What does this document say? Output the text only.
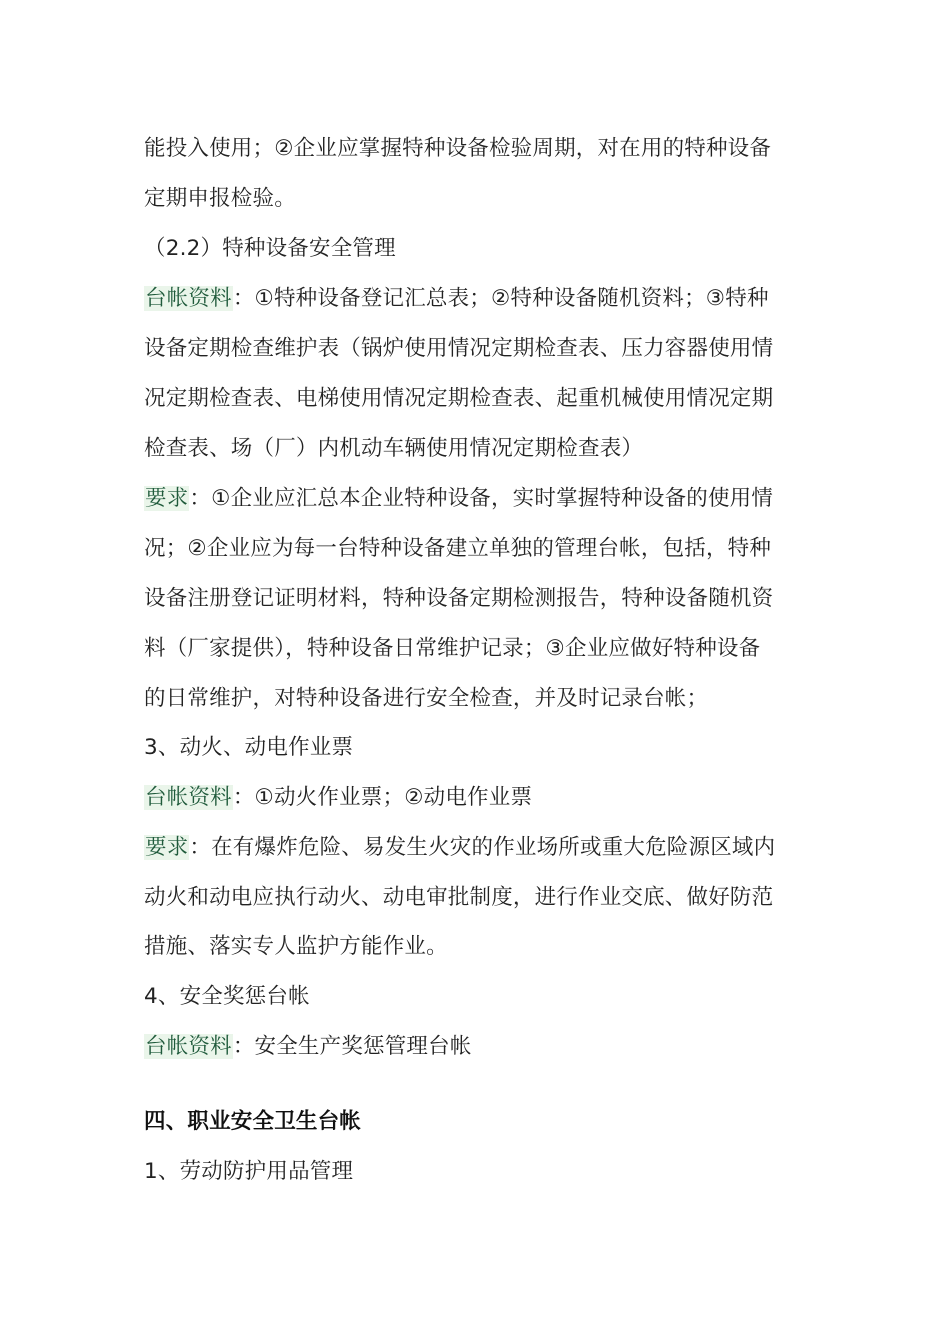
能投入使用；②企业应掌握特种设备检验周期，对在用的特种设备
定期申报检验。
（2.2）特种设备安全管理
台帐资料：①特种设备登记汇总表；②特种设备随机资料；③特种
设备定期检查维护表（锅炉使用情况定期检查表、压力容器使用情
况定期检查表、电梯使用情况定期检查表、起重机械使用情况定期
检查表、场（厂）内机动车辆使用情况定期检查表）
要求：①企业应汇总本企业特种设备，实时掌握特种设备的使用情
况；②企业应为每一台特种设备建立单独的管理台帐，包括，特种
设备注册登记证明材料，特种设备定期检测报告，特种设备随机资
料（厂家提供），特种设备日常维护记录；③企业应做好特种设备
的日常维护，对特种设备进行安全检查，并及时记录台帐；
3、动火、动电作业票
台帐资料：①动火作业票；②动电作业票
要求：在有爆炸危险、易发生火灾的作业场所或重大危险源区域内
动火和动电应执行动火、动电审批制度，进行作业交底、做好防范
措施、落实专人监护方能作业。
4、安全奖惩台帐
台帐资料：安全生产奖惩管理台帐
四、职业安全卫生台帐
1、劳动防护用品管理
